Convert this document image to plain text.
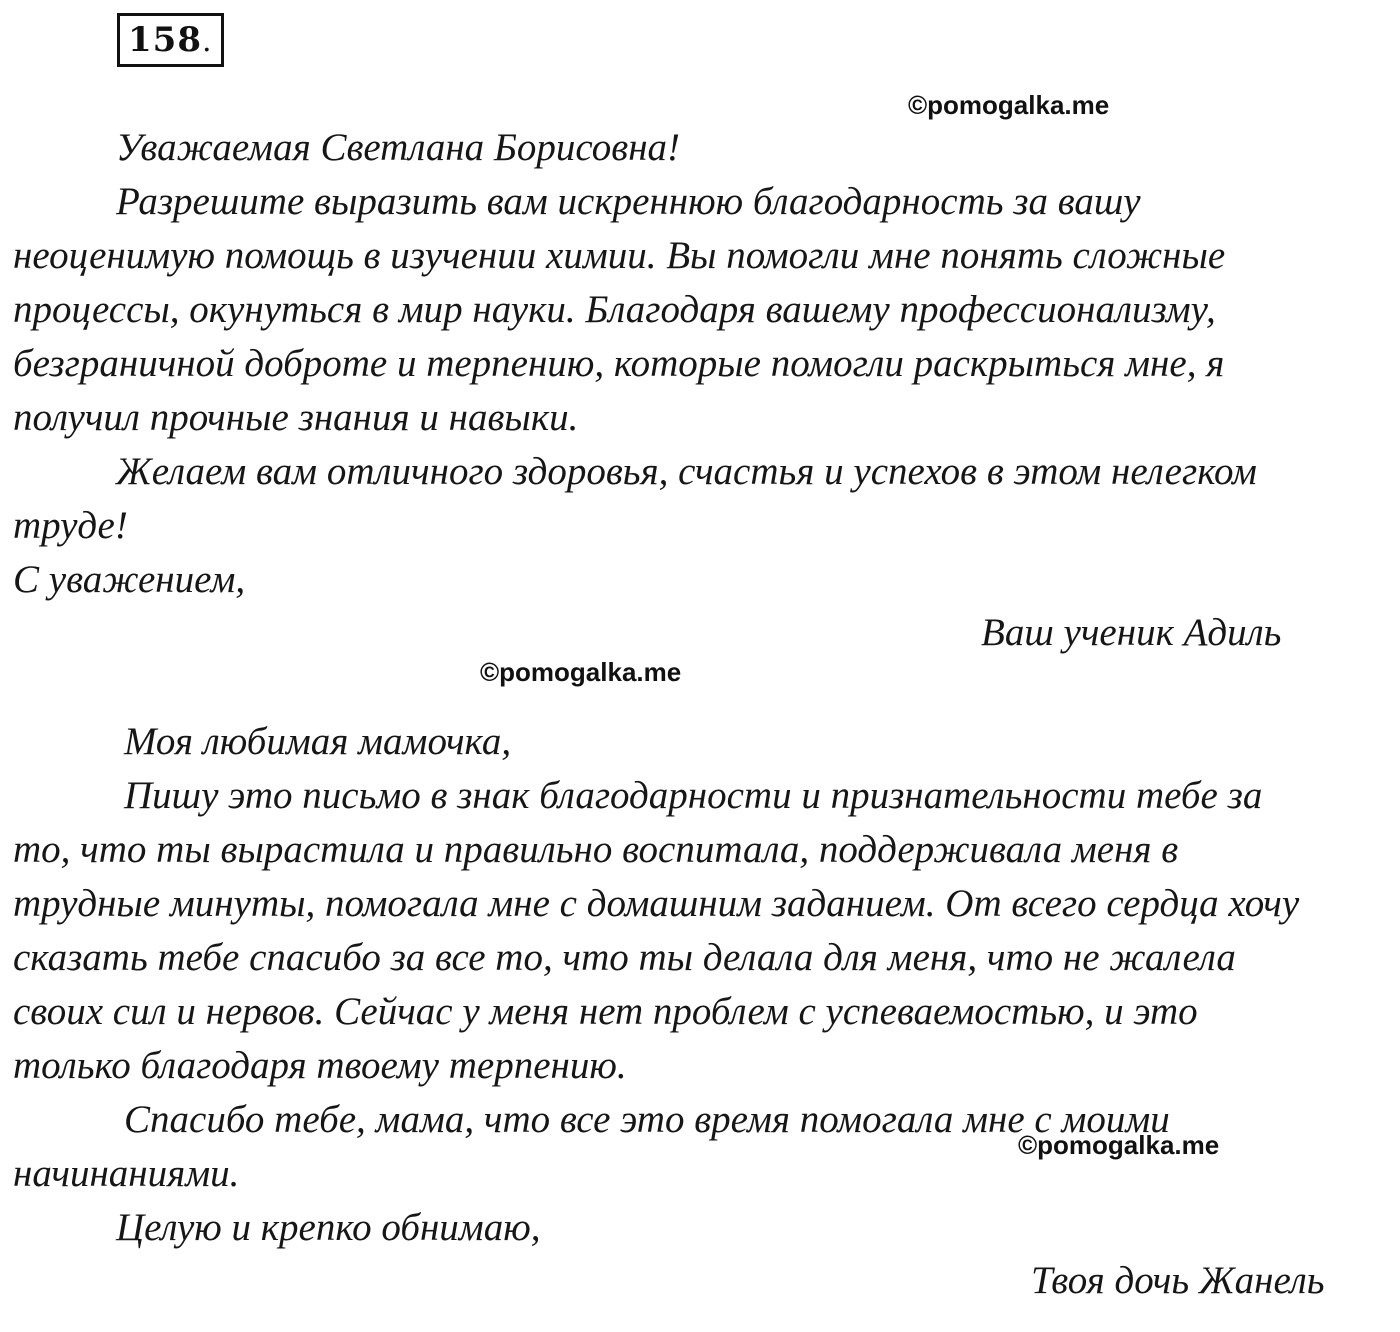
158.
©pomogalka.me
Уважаемая Светлана Борисовна!
Разрешите выразить вам искреннюю благодарность за вашу
неоценимую помощь в изучении химии. Вы помогли мне понять сложные
процессы, окунуться в мир науки. Благодаря вашему профессионализму,
безграничной доброте и терпению, которые помогли раскрыться мне, я
получил прочные знания и навыки.
Желаем вам отличного здоровья, счастья и успехов в этом нелегком
труде!
С уважением,
Ваш ученик Адиль
©pomogalka.me
Моя любимая мамочка,
Пишу это письмо в знак благодарности и признательности тебе за
то, что ты вырастила и правильно воспитала, поддерживала меня в
трудные минуты, помогала мне с домашним заданием. От всего сердца хочу
сказать тебе спасибо за все то, что ты делала для меня, что не жалела
своих сил и нервов. Сейчас у меня нет проблем с успеваемостью, и это
только благодаря твоему терпению.
Спасибо тебе, мама, что все это время помогала мне с моими
©pomogalka.me
начинаниями.
Целую и крепко обнимаю,
Твоя дочь Жанель
